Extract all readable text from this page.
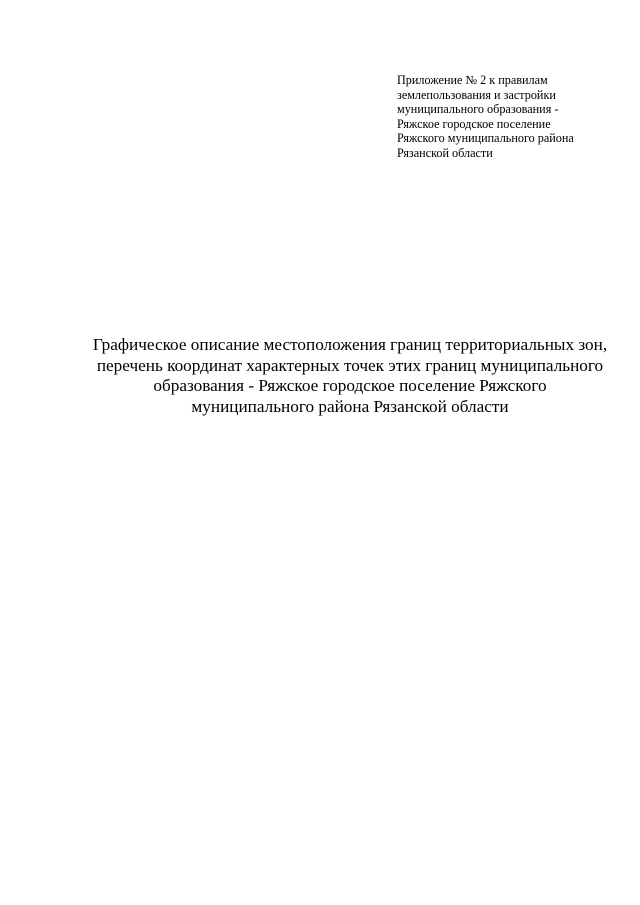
Приложение № 2 к правилам
землепользования и застройки
муниципального образования -
Ряжское городское поселение
Ряжского муниципального района
Рязанской области
Графическое описание местоположения границ территориальных зон,
перечень координат характерных точек этих границ муниципального
образования - Ряжское городское поселение Ряжского
муниципального района Рязанской области
